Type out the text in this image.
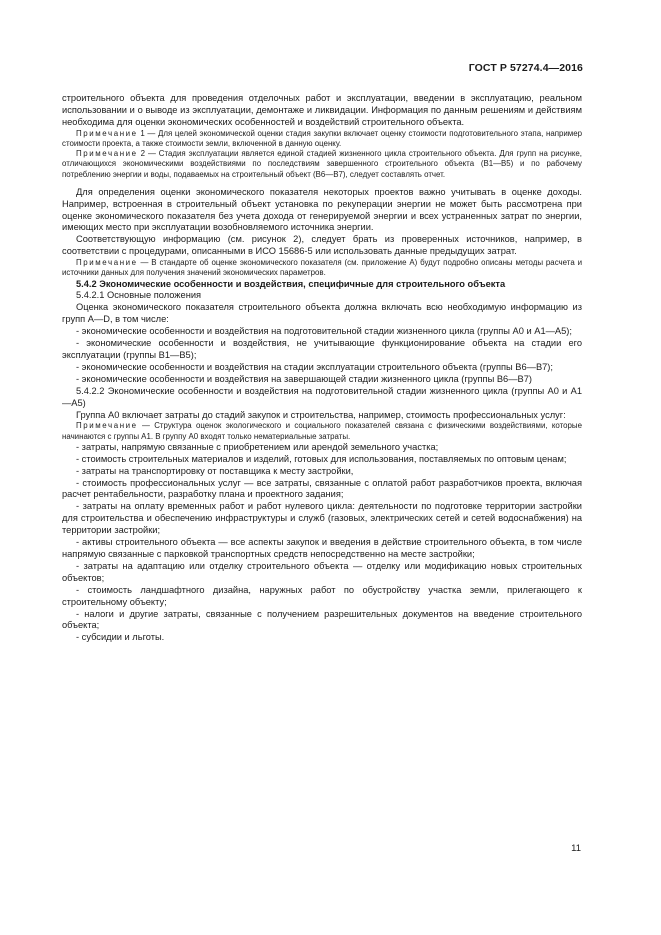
ГОСТ Р 57274.4—2016

строительного объекта для проведения отделочных работ и эксплуатации, введении в эксплуатацию, реальном использовании и о выводе из эксплуатации, демонтаже и ликвидации. Информация по данным решениям и действиям необходима для оценки экономических особенностей и воздействий строительного объекта.

Примечание 1 — Для целей экономической оценки стадия закупки включает оценку стоимости подготовительного этапа, например стоимости проекта, а также стоимости земли, включенной в данную оценку.

Примечание 2 — Стадия эксплуатации является единой стадией жизненного цикла строительного объекта. Для групп на рисунке, отличающихся экономическими воздействиями по последствиям завершенного строительного объекта (В1—В5) и по рабочему потреблению энергии и воды, подаваемых на строительный объект (В6—В7), следует составлять отчет.

Для определения оценки экономического показателя некоторых проектов важно учитывать в оценке доходы. Например, встроенная в строительный объект установка по рекуперации энергии не может быть рассмотрена при оценке экономического показателя без учета дохода от генерируемой энергии и всех устраненных затрат по энергии, имеющих место при эксплуатации возобновляемого источника энергии.

Соответствующую информацию (см. рисунок 2), следует брать из проверенных источников, например, в соответствии с процедурами, описанными в ИСО 15686-5 или использовать данные предыдущих затрат.

Примечание — В стандарте об оценке экономического показателя (см. приложение А) будут подробно описаны методы расчета и источники данных для получения значений экономических параметров.

5.4.2 Экономические особенности и воздействия, специфичные для строительного объекта

5.4.2.1 Основные положения

Оценка экономического показателя строительного объекта должна включать всю необходимую информацию из групп А—D, в том числе:

- экономические особенности и воздействия на подготовительной стадии жизненного цикла (группы А0 и А1—А5);

- экономические особенности и воздействия, не учитывающие функционирование объекта на стадии его эксплуатации (группы В1—В5);

- экономические особенности и воздействия на стадии эксплуатации строительного объекта (группы В6—В7);

- экономические особенности и воздействия на завершающей стадии жизненного цикла (группы В6—В7)

5.4.2.2 Экономические особенности и воздействия на подготовительной стадии жизненного цикла (группы А0 и А1—А5)

Группа А0 включает затраты до стадий закупок и строительства, например, стоимость профессиональных услуг:

Примечание — Структура оценок экологического и социального показателей связана с физическими воздействиями, которые начинаются с группы А1. В группу А0 входят только нематериальные затраты.

- затраты, напрямую связанные с приобретением или арендой земельного участка;

- стоимость строительных материалов и изделий, готовых для использования, поставляемых по оптовым ценам;

- затраты на транспортировку от поставщика к месту застройки,

- стоимость профессиональных услуг — все затраты, связанные с оплатой работ разработчиков проекта, включая расчет рентабельности, разработку плана и проектного задания;

- затраты на оплату временных работ и работ нулевого цикла: деятельности по подготовке территории застройки для строительства и обеспечению инфраструктуры и служб (газовых, электрических сетей и сетей водоснабжения) на территории застройки;

- активы строительного объекта — все аспекты закупок и введения в действие строительного объекта, в том числе напрямую связанные с парковкой транспортных средств непосредственно на месте застройки;

- затраты на адаптацию или отделку строительного объекта — отделку или модификацию новых строительных объектов;

- стоимость ландшафтного дизайна, наружных работ по обустройству участка земли, прилегающего к строительному объекту;

- налоги и другие затраты, связанные с получением разрешительных документов на введение строительного объекта;

- субсидии и льготы.

11
